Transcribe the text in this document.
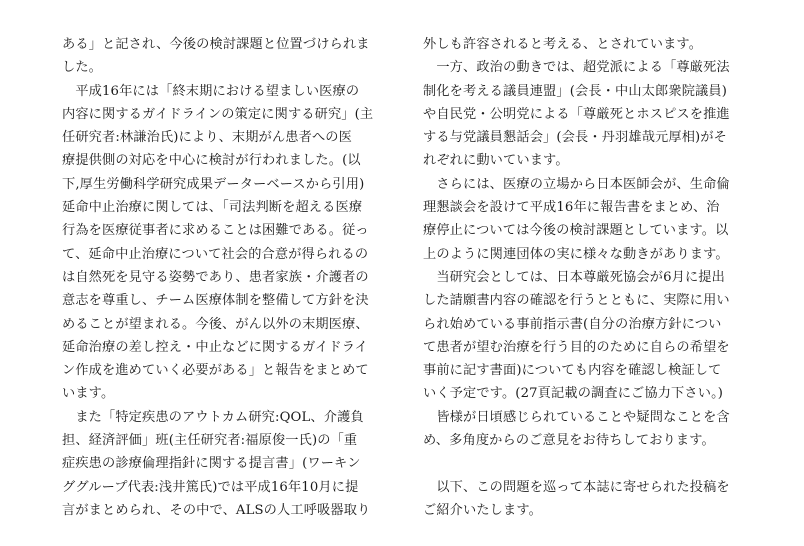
ある」と記され、今後の検討課題と位置づけられま
した。
　平成16年には「終末期における望ましい医療の
内容に関するガイドラインの策定に関する研究」(主
任研究者:林謙治氏)により、末期がん患者への医
療提供側の対応を中心に検討が行われました。(以
下,厚生労働科学研究成果データーベースから引用)
延命中止治療に関しては、「司法判断を超える医療
行為を医療従事者に求めることは困難である。従っ
て、延命中止治療について社会的合意が得られるの
は自然死を見守る姿勢であり、患者家族・介護者の
意志を尊重し、チーム医療体制を整備して方針を決
めることが望まれる。今後、がん以外の末期医療、
延命治療の差し控え・中止などに関するガイドライ
ン作成を進めていく必要がある」と報告をまとめて
います。
　また「特定疾患のアウトカム研究:QOL、介護負
担、経済評価」班(主任研究者:福原俊一氏)の「重
症疾患の診療倫理指針に関する提言書」(ワーキン
ググループ代表:浅井篤氏)では平成16年10月に提
言がまとめられ、その中で、ALSの人工呼吸器取り
外しも許容されると考える、とされています。
　一方、政治の動きでは、超党派による「尊厳死法
制化を考える議員連盟」(会長・中山太郎衆院議員)
や自民党・公明党による「尊厳死とホスピスを推進
する与党議員懇話会」(会長・丹羽雄哉元厚相)がそ
れぞれに動いています。
　さらには、医療の立場から日本医師会が、生命倫
理懇談会を設けて平成16年に報告書をまとめ、治
療停止については今後の検討課題としています。以
上のように関連団体の実に様々な動きがあります。
　当研究会としては、日本尊厳死協会が6月に提出
した請願書内容の確認を行うとともに、実際に用い
られ始めている事前指示書(自分の治療方針につい
て患者が望む治療を行う目的のために自らの希望を
事前に記す書面)についても内容を確認し検証して
いく予定です。(27頁記載の調査にご協力下さい。)
　皆様が日頃感じられていることや疑問なことを含
め、多角度からのご意見をお待ちしております。
　以下、この問題を巡って本誌に寄せられた投稿を
ご紹介いたします。
